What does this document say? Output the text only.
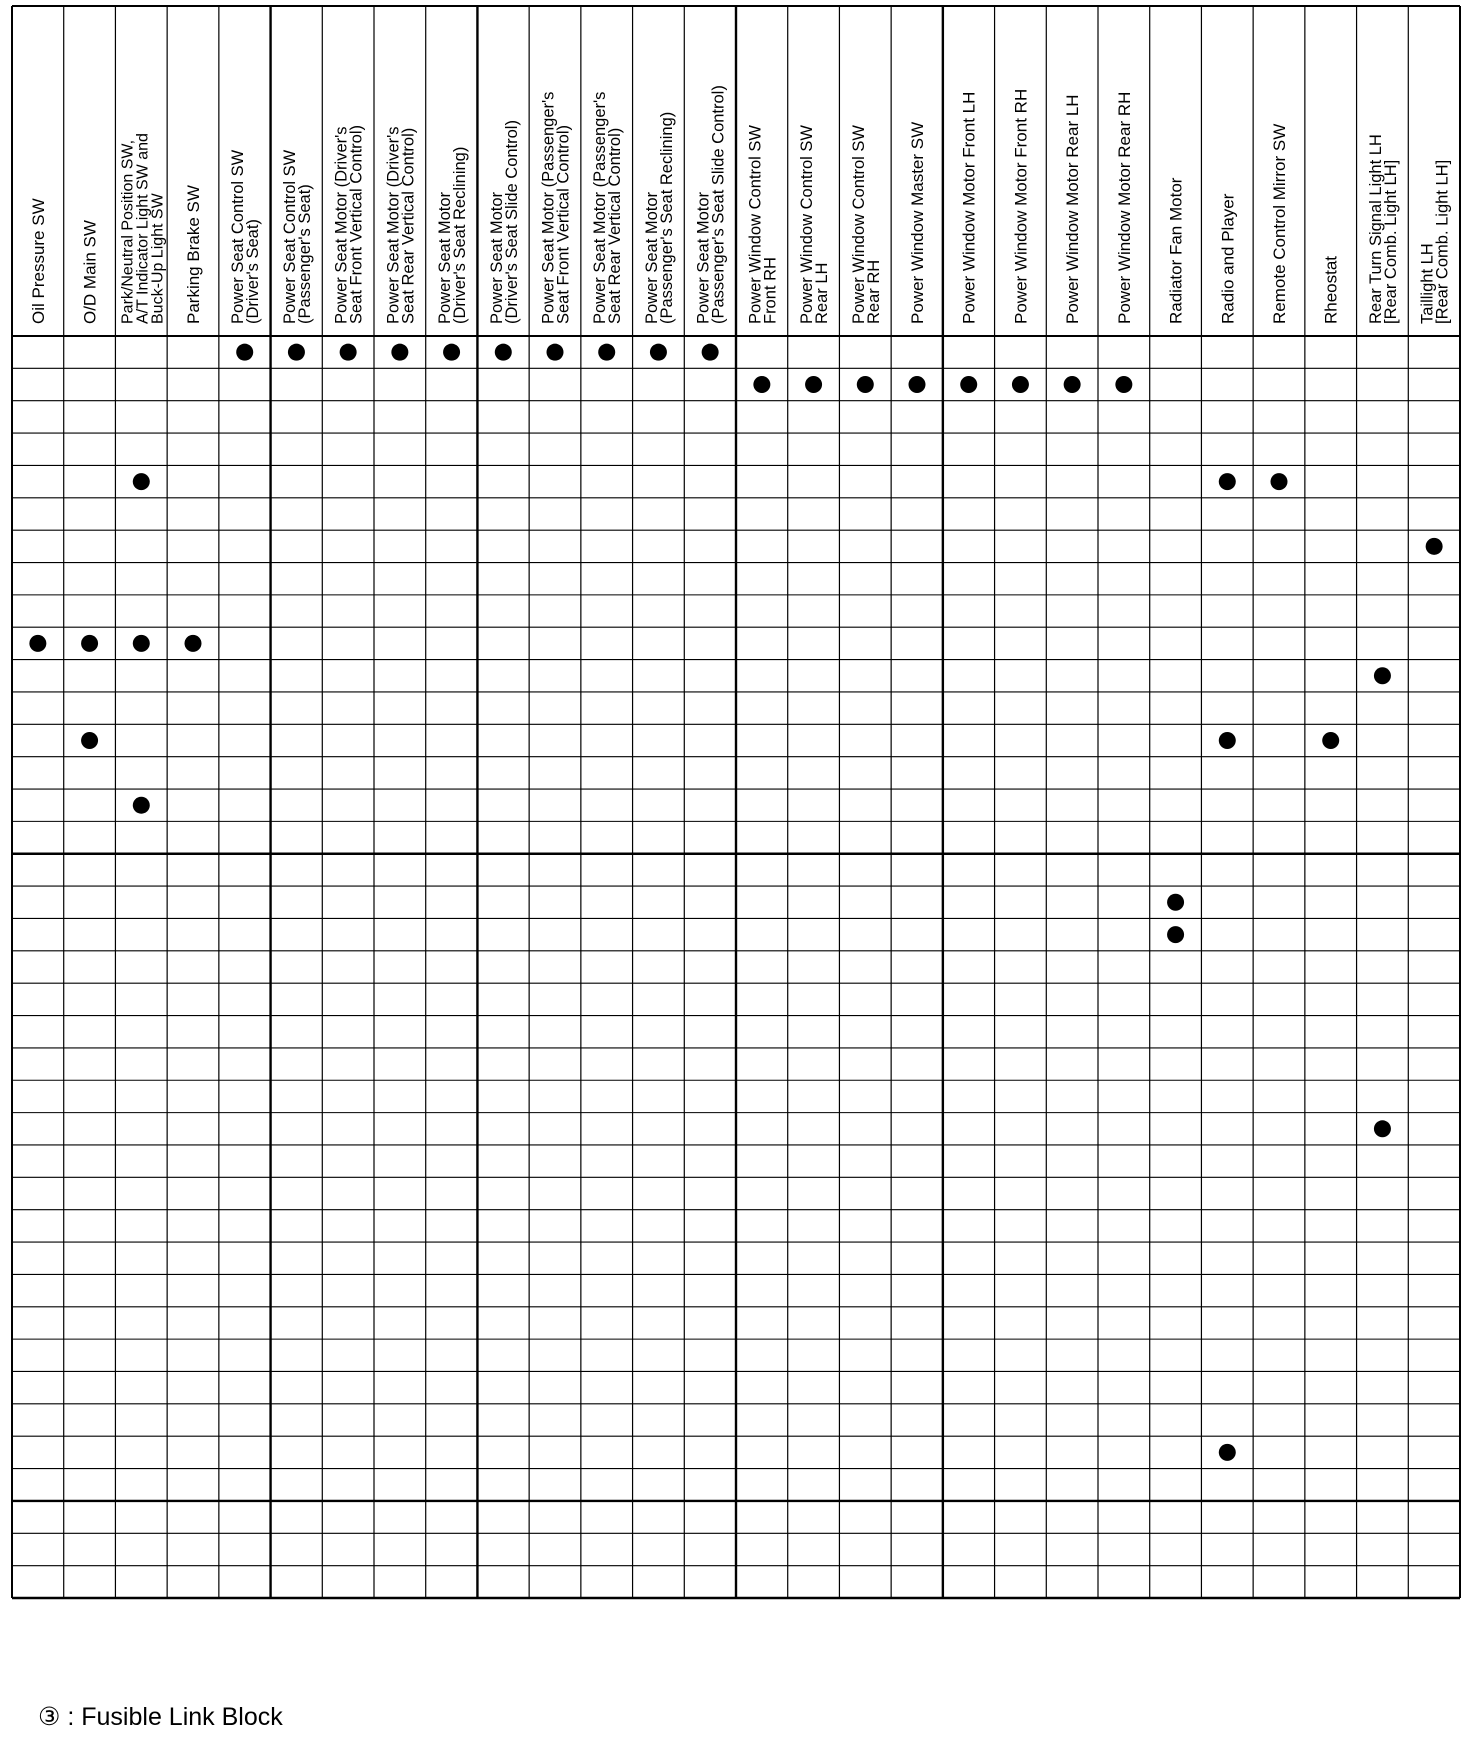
Oil Pressure SW O/D Main SW Park/Neutral Position SW,
A/T Indicator Light SW and
Buck-Up Light SW Parking Brake SW Power Seat Control SW
(Driver's Seat) Power Seat Control SW
(Passenger's Seat) Power Seat Motor (Driver's
Seat Front Vertical Control) Power Seat Motor (Driver's
Seat Rear Vertical Control) Power Seat Motor
(Driver's Seat Reclining) Power Seat Motor
(Driver's Seat Slide Control) Power Seat Motor (Passenger's
Seat Front Vertical Control) Power Seat Motor (Passenger's
Seat Rear Vertical Control) Power Seat Motor
(Passenger's Seat Reclining) Power Seat Motor
(Passenger's Seat Slide Control) Power Window Control SW
Front RH Power Window Control SW
Rear LH Power Window Control SW
Rear RH Power Window Master SW Power Window Motor Front LH Power Window Motor Front RH Power Window Motor Rear LH Power Window Motor Rear RH Radiator Fan Motor Radio and Player Remote Control Mirror SW Rheostat Rear Turn Signal Light LH
[Rear Comb. Light LH] Taillight LH
[Rear Comb. Light LH]
③ : Fusible Link Block
